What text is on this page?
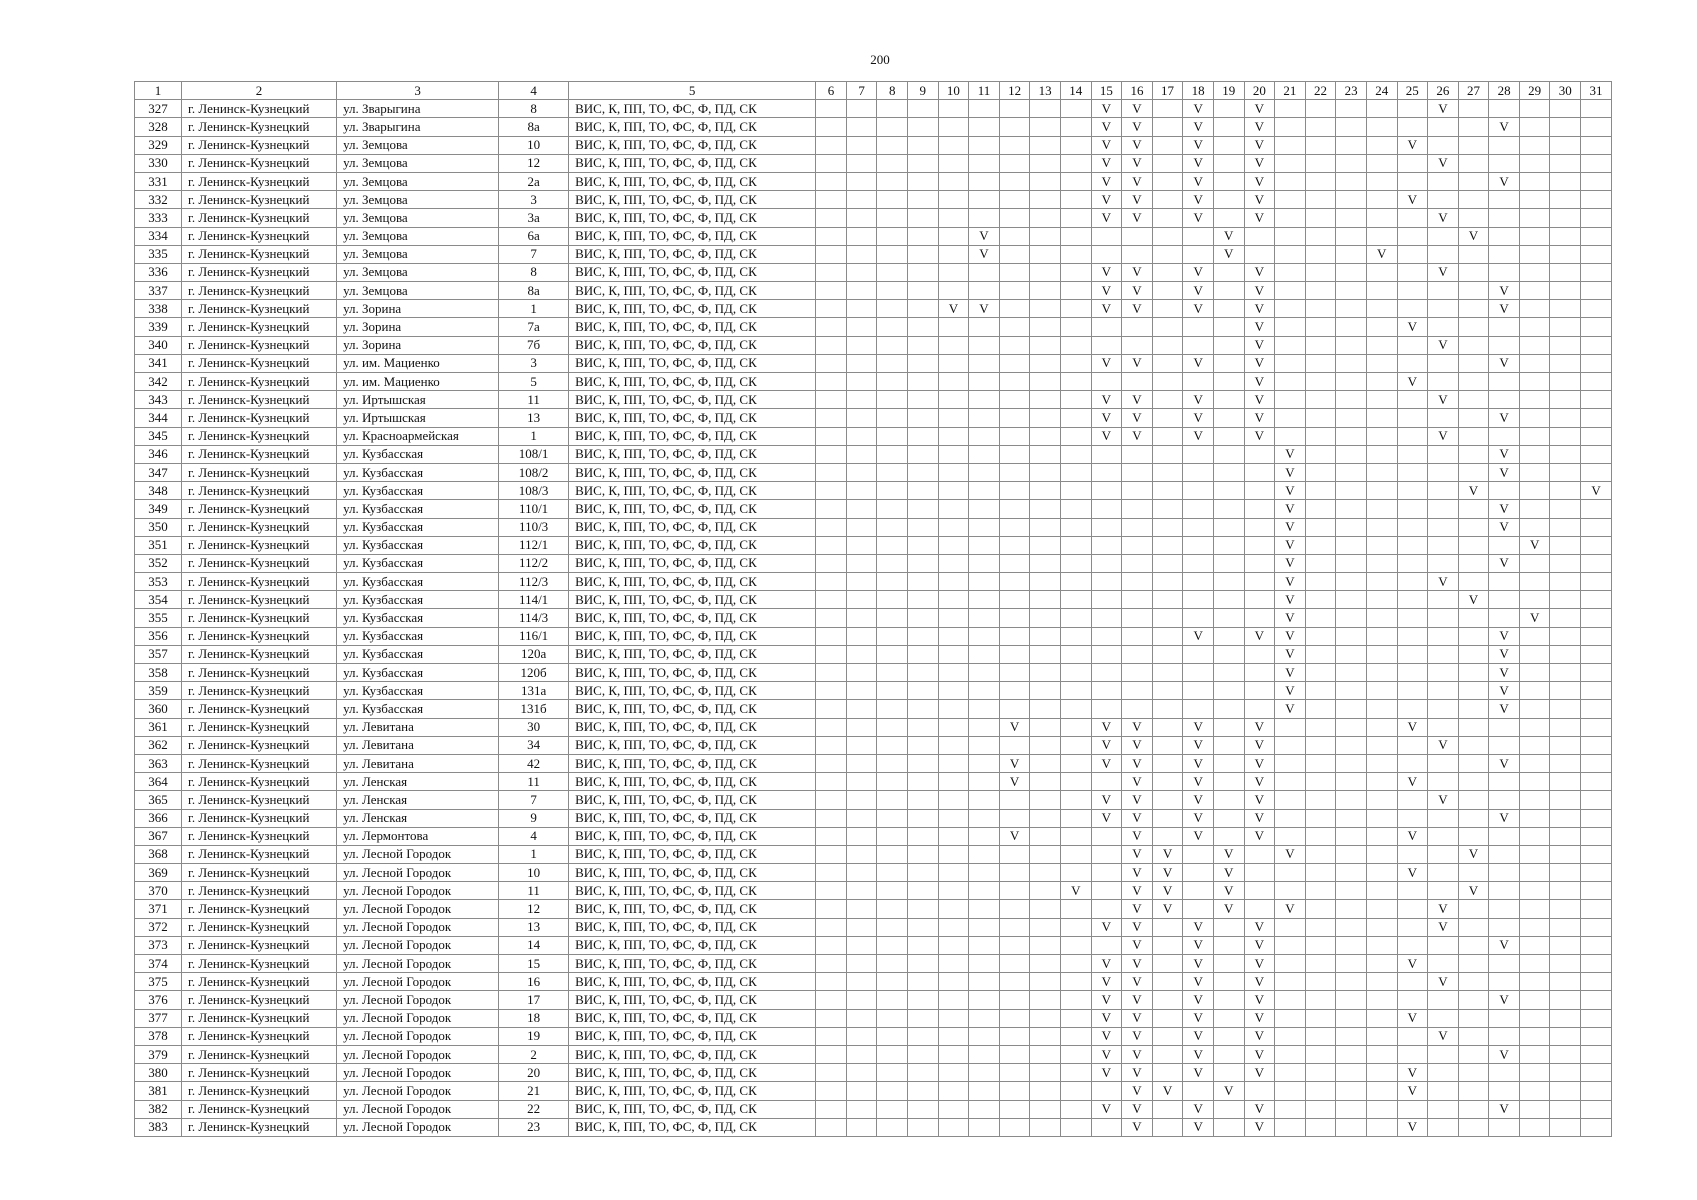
200
1	2	3	4	5	6	7	8	9	10	11	12	13	14	15	16	17	18	19	20	21	22	23	24	25	26	27	28	29	30	31
327	г. Ленинск-Кузнецкий	ул. Зварыгина	8	ВИС, К, ПП, ТО, ФС, Ф, ПД, СК										V	V		V		V						V					
328	г. Ленинск-Кузнецкий	ул. Зварыгина	8а	ВИС, К, ПП, ТО, ФС, Ф, ПД, СК										V	V		V		V								V			
329	г. Ленинск-Кузнецкий	ул. Земцова	10	ВИС, К, ПП, ТО, ФС, Ф, ПД, СК										V	V		V		V					V						
330	г. Ленинск-Кузнецкий	ул. Земцова	12	ВИС, К, ПП, ТО, ФС, Ф, ПД, СК										V	V		V		V						V					
331	г. Ленинск-Кузнецкий	ул. Земцова	2а	ВИС, К, ПП, ТО, ФС, Ф, ПД, СК										V	V		V		V								V			
332	г. Ленинск-Кузнецкий	ул. Земцова	3	ВИС, К, ПП, ТО, ФС, Ф, ПД, СК										V	V		V		V					V						
333	г. Ленинск-Кузнецкий	ул. Земцова	3а	ВИС, К, ПП, ТО, ФС, Ф, ПД, СК										V	V		V		V						V					
334	г. Ленинск-Кузнецкий	ул. Земцова	6а	ВИС, К, ПП, ТО, ФС, Ф, ПД, СК						V								V								V				
335	г. Ленинск-Кузнецкий	ул. Земцова	7	ВИС, К, ПП, ТО, ФС, Ф, ПД, СК						V								V					V							
336	г. Ленинск-Кузнецкий	ул. Земцова	8	ВИС, К, ПП, ТО, ФС, Ф, ПД, СК										V	V		V		V						V					
337	г. Ленинск-Кузнецкий	ул. Земцова	8а	ВИС, К, ПП, ТО, ФС, Ф, ПД, СК										V	V		V		V								V			
338	г. Ленинск-Кузнецкий	ул. Зорина	1	ВИС, К, ПП, ТО, ФС, Ф, ПД, СК					V	V				V	V		V		V								V			
339	г. Ленинск-Кузнецкий	ул. Зорина	7а	ВИС, К, ПП, ТО, ФС, Ф, ПД, СК															V					V						
340	г. Ленинск-Кузнецкий	ул. Зорина	7б	ВИС, К, ПП, ТО, ФС, Ф, ПД, СК															V						V					
341	г. Ленинск-Кузнецкий	ул. им. Мациенко	3	ВИС, К, ПП, ТО, ФС, Ф, ПД, СК										V	V		V		V								V			
342	г. Ленинск-Кузнецкий	ул. им. Мациенко	5	ВИС, К, ПП, ТО, ФС, Ф, ПД, СК															V					V						
343	г. Ленинск-Кузнецкий	ул. Иртышская	11	ВИС, К, ПП, ТО, ФС, Ф, ПД, СК										V	V		V		V						V					
344	г. Ленинск-Кузнецкий	ул. Иртышская	13	ВИС, К, ПП, ТО, ФС, Ф, ПД, СК										V	V		V		V								V			
345	г. Ленинск-Кузнецкий	ул. Красноармейская	1	ВИС, К, ПП, ТО, ФС, Ф, ПД, СК										V	V		V		V						V					
346	г. Ленинск-Кузнецкий	ул. Кузбасская	108/1	ВИС, К, ПП, ТО, ФС, Ф, ПД, СК																V							V			
347	г. Ленинск-Кузнецкий	ул. Кузбасская	108/2	ВИС, К, ПП, ТО, ФС, Ф, ПД, СК																V							V			
348	г. Ленинск-Кузнецкий	ул. Кузбасская	108/3	ВИС, К, ПП, ТО, ФС, Ф, ПД, СК																V						V				V
349	г. Ленинск-Кузнецкий	ул. Кузбасская	110/1	ВИС, К, ПП, ТО, ФС, Ф, ПД, СК																V							V			
350	г. Ленинск-Кузнецкий	ул. Кузбасская	110/3	ВИС, К, ПП, ТО, ФС, Ф, ПД, СК																V							V			
351	г. Ленинск-Кузнецкий	ул. Кузбасская	112/1	ВИС, К, ПП, ТО, ФС, Ф, ПД, СК																V								V		
352	г. Ленинск-Кузнецкий	ул. Кузбасская	112/2	ВИС, К, ПП, ТО, ФС, Ф, ПД, СК																V							V			
353	г. Ленинск-Кузнецкий	ул. Кузбасская	112/3	ВИС, К, ПП, ТО, ФС, Ф, ПД, СК																V					V					
354	г. Ленинск-Кузнецкий	ул. Кузбасская	114/1	ВИС, К, ПП, ТО, ФС, Ф, ПД, СК																V						V				
355	г. Ленинск-Кузнецкий	ул. Кузбасская	114/3	ВИС, К, ПП, ТО, ФС, Ф, ПД, СК																V								V		
356	г. Ленинск-Кузнецкий	ул. Кузбасская	116/1	ВИС, К, ПП, ТО, ФС, Ф, ПД, СК													V		V	V							V			
357	г. Ленинск-Кузнецкий	ул. Кузбасская	120а	ВИС, К, ПП, ТО, ФС, Ф, ПД, СК																V							V			
358	г. Ленинск-Кузнецкий	ул. Кузбасская	120б	ВИС, К, ПП, ТО, ФС, Ф, ПД, СК																V							V			
359	г. Ленинск-Кузнецкий	ул. Кузбасская	131а	ВИС, К, ПП, ТО, ФС, Ф, ПД, СК																V							V			
360	г. Ленинск-Кузнецкий	ул. Кузбасская	131б	ВИС, К, ПП, ТО, ФС, Ф, ПД, СК																V							V			
361	г. Ленинск-Кузнецкий	ул. Левитана	30	ВИС, К, ПП, ТО, ФС, Ф, ПД, СК							V			V	V		V		V					V						
362	г. Ленинск-Кузнецкий	ул. Левитана	34	ВИС, К, ПП, ТО, ФС, Ф, ПД, СК										V	V		V		V						V					
363	г. Ленинск-Кузнецкий	ул. Левитана	42	ВИС, К, ПП, ТО, ФС, Ф, ПД, СК							V			V	V		V		V								V			
364	г. Ленинск-Кузнецкий	ул. Ленская	11	ВИС, К, ПП, ТО, ФС, Ф, ПД, СК							V				V		V		V					V						
365	г. Ленинск-Кузнецкий	ул. Ленская	7	ВИС, К, ПП, ТО, ФС, Ф, ПД, СК										V	V		V		V						V					
366	г. Ленинск-Кузнецкий	ул. Ленская	9	ВИС, К, ПП, ТО, ФС, Ф, ПД, СК										V	V		V		V								V			
367	г. Ленинск-Кузнецкий	ул. Лермонтова	4	ВИС, К, ПП, ТО, ФС, Ф, ПД, СК							V				V		V		V					V						
368	г. Ленинск-Кузнецкий	ул. Лесной Городок	1	ВИС, К, ПП, ТО, ФС, Ф, ПД, СК											V	V		V		V						V				
369	г. Ленинск-Кузнецкий	ул. Лесной Городок	10	ВИС, К, ПП, ТО, ФС, Ф, ПД, СК											V	V		V						V						
370	г. Ленинск-Кузнецкий	ул. Лесной Городок	11	ВИС, К, ПП, ТО, ФС, Ф, ПД, СК									V		V	V		V								V				
371	г. Ленинск-Кузнецкий	ул. Лесной Городок	12	ВИС, К, ПП, ТО, ФС, Ф, ПД, СК											V	V		V		V					V					
372	г. Ленинск-Кузнецкий	ул. Лесной Городок	13	ВИС, К, ПП, ТО, ФС, Ф, ПД, СК										V	V		V		V						V					
373	г. Ленинск-Кузнецкий	ул. Лесной Городок	14	ВИС, К, ПП, ТО, ФС, Ф, ПД, СК											V		V		V								V			
374	г. Ленинск-Кузнецкий	ул. Лесной Городок	15	ВИС, К, ПП, ТО, ФС, Ф, ПД, СК										V	V		V		V					V						
375	г. Ленинск-Кузнецкий	ул. Лесной Городок	16	ВИС, К, ПП, ТО, ФС, Ф, ПД, СК										V	V		V		V						V					
376	г. Ленинск-Кузнецкий	ул. Лесной Городок	17	ВИС, К, ПП, ТО, ФС, Ф, ПД, СК										V	V		V		V								V			
377	г. Ленинск-Кузнецкий	ул. Лесной Городок	18	ВИС, К, ПП, ТО, ФС, Ф, ПД, СК										V	V		V		V					V						
378	г. Ленинск-Кузнецкий	ул. Лесной Городок	19	ВИС, К, ПП, ТО, ФС, Ф, ПД, СК										V	V		V		V						V					
379	г. Ленинск-Кузнецкий	ул. Лесной Городок	2	ВИС, К, ПП, ТО, ФС, Ф, ПД, СК										V	V		V		V								V			
380	г. Ленинск-Кузнецкий	ул. Лесной Городок	20	ВИС, К, ПП, ТО, ФС, Ф, ПД, СК										V	V		V		V					V						
381	г. Ленинск-Кузнецкий	ул. Лесной Городок	21	ВИС, К, ПП, ТО, ФС, Ф, ПД, СК											V	V		V						V						
382	г. Ленинск-Кузнецкий	ул. Лесной Городок	22	ВИС, К, ПП, ТО, ФС, Ф, ПД, СК										V	V		V		V								V			
383	г. Ленинск-Кузнецкий	ул. Лесной Городок	23	ВИС, К, ПП, ТО, ФС, Ф, ПД, СК											V		V		V					V						
